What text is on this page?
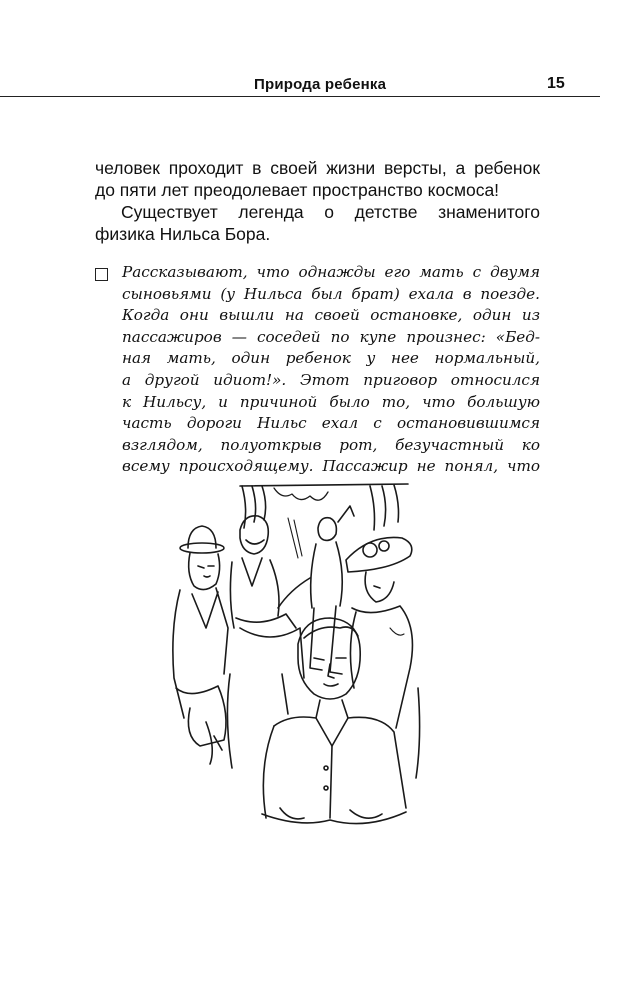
Природа ребенка	15

человек проходит в своей жизни версты, а ребенок
до пяти лет преодолевает пространство космоса!

Существует легенда о детстве знаменитого
физика Нильса Бора.

Рассказывают, что однажды его мать с двумя
сыновьями (у Нильса был брат) ехала в поезде.
Когда они вышли на своей остановке, один из
пассажиров — соседей по купе произнес: «Бед-
ная мать, один ребенок у нее нормальный,
а другой идиот!». Этот приговор относился
к Нильсу, и причиной было то, что большую
часть дороги Нильс ехал с остановившимся
взглядом, полуоткрыв рот, безучастный ко
всему происходящему. Пассажир не понял, что
